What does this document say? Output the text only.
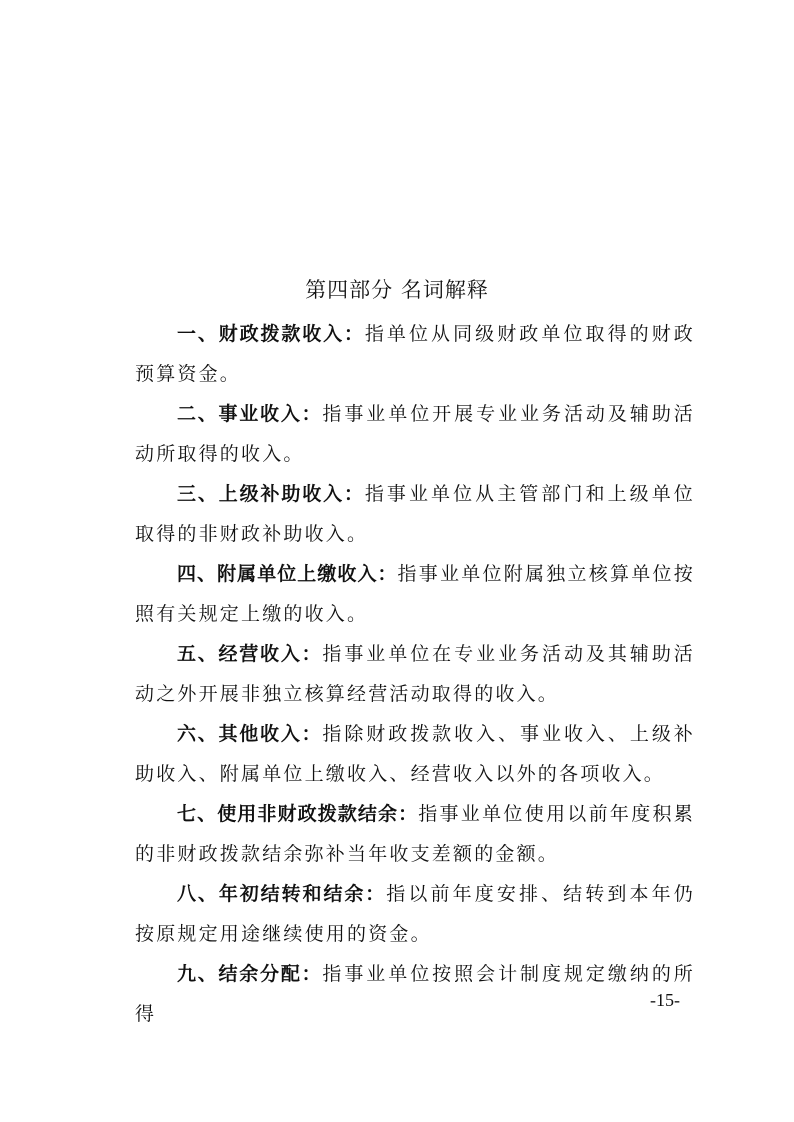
第四部分 名词解释

一、财政拨款收入：指单位从同级财政单位取得的财政预算资金。

二、事业收入：指事业单位开展专业业务活动及辅助活动所取得的收入。

三、上级补助收入：指事业单位从主管部门和上级单位取得的非财政补助收入。

四、附属单位上缴收入：指事业单位附属独立核算单位按照有关规定上缴的收入。

五、经营收入：指事业单位在专业业务活动及其辅助活动之外开展非独立核算经营活动取得的收入。

六、其他收入：指除财政拨款收入、事业收入、上级补助收入、附属单位上缴收入、经营收入以外的各项收入。

七、使用非财政拨款结余：指事业单位使用以前年度积累的非财政拨款结余弥补当年收支差额的金额。

八、年初结转和结余：指以前年度安排、结转到本年仍按原规定用途继续使用的资金。

九、结余分配：指事业单位按照会计制度规定缴纳的所得

-15-
